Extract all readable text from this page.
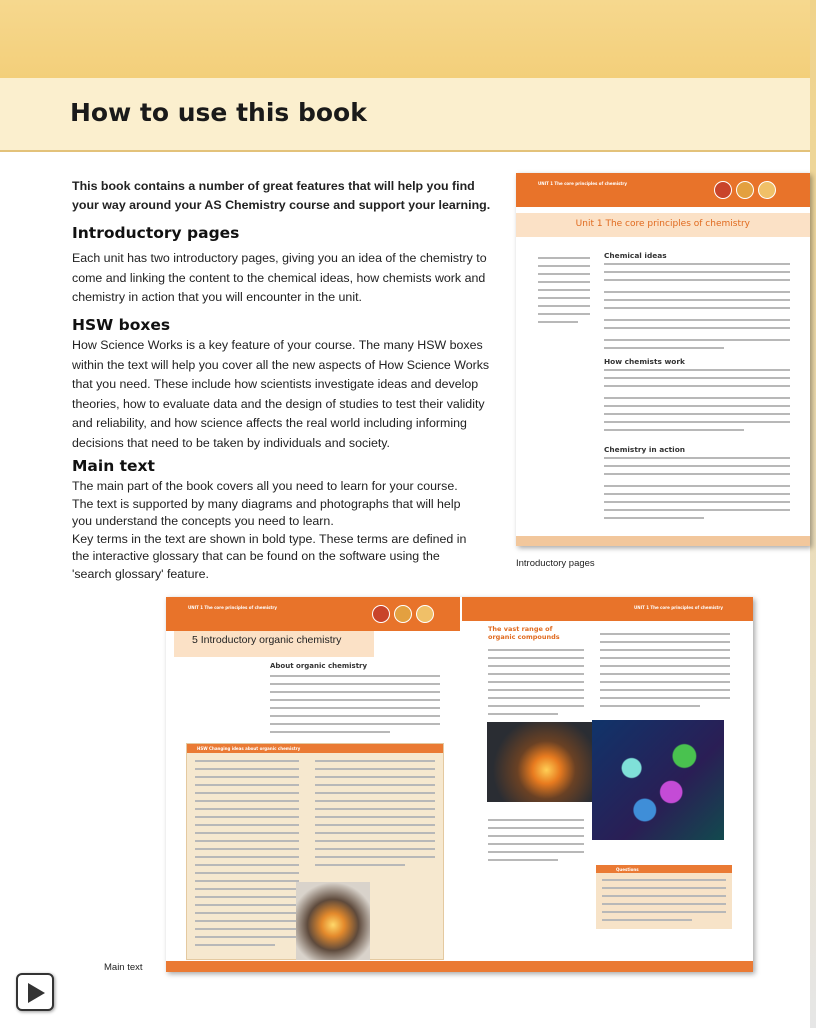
How to use this book
This book contains a number of great features that will help you find your way around your AS Chemistry course and support your learning.
Introductory pages
Each unit has two introductory pages, giving you an idea of the chemistry to come and linking the content to the chemical ideas, how chemists work and chemistry in action that you will encounter in the unit.
HSW boxes
How Science Works is a key feature of your course. The many HSW boxes within the text will help you cover all the new aspects of How Science Works that you need. These include how scientists investigate ideas and develop theories, how to evaluate data and the design of studies to test their validity and reliability, and how science affects the real world including informing decisions that need to be taken by individuals and society.
Main text
The main part of the book covers all you need to learn for your course. The text is supported by many diagrams and photographs that will help you understand the concepts you need to learn.
Key terms in the text are shown in bold type. These terms are defined in the interactive glossary that can be found on the software using the 'search glossary' feature.
UNIT 1 The core principles of chemistry
Unit 1 The core principles of chemistry
Chemical ideas
How chemists work
Chemistry in action
Introductory pages
UNIT 1 The core principles of chemistry	UNIT 1 The core principles of chemistry
5 Introductory organic chemistry
About organic chemistry
The vast range of organic compounds
HSW Changing ideas about organic chemistry
Questions
Main text
